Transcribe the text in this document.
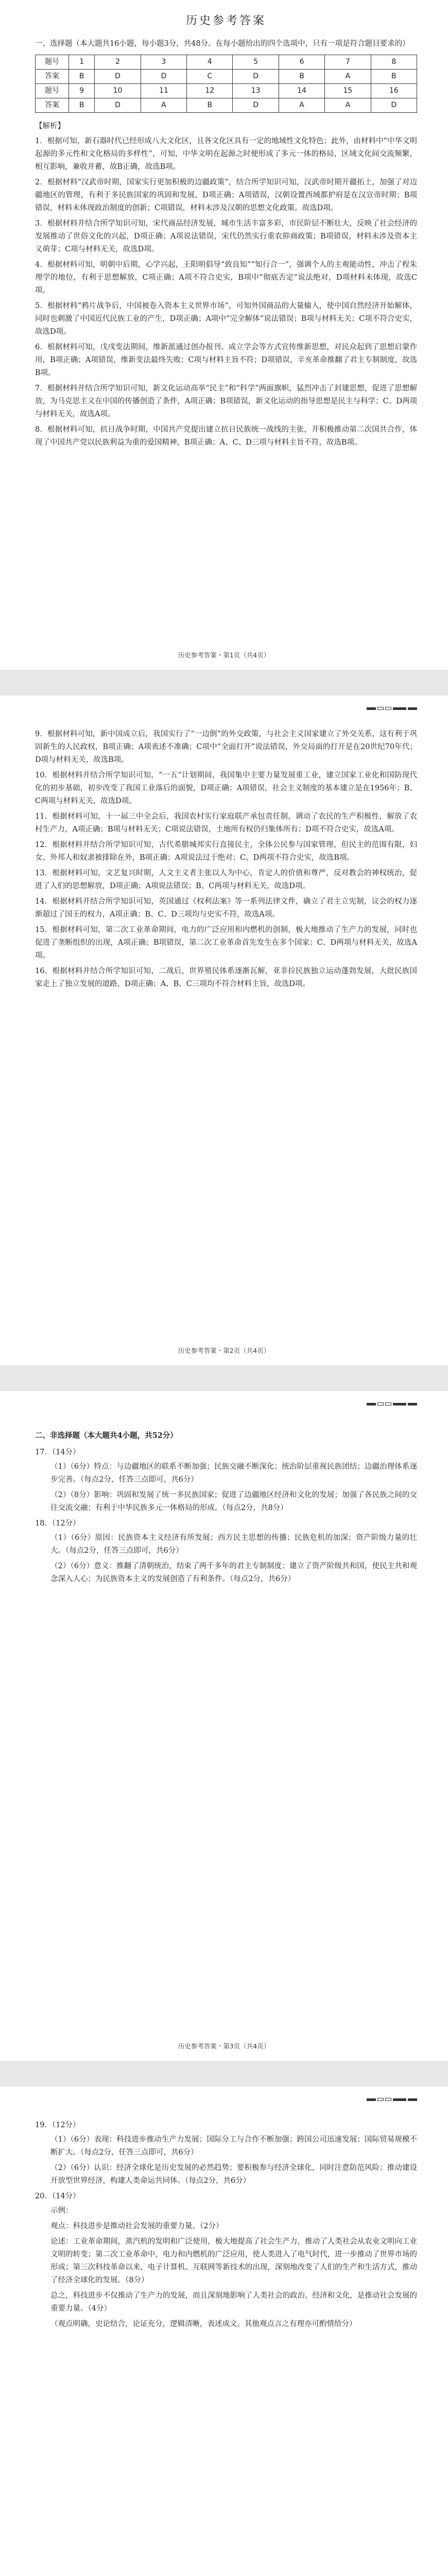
历史参考答案
一、选择题（本大题共16小题，每小题3分，共48分。在每小题给出的四个选项中，只有一项是符合题目要求的）
题号	1	2	3	4	5	6	7	8
答案	B	D	D	C	D	B	A	B
题号	9	10	11	12	13	14	15	16
答案	B	D	A	B	D	A	A	D
【解析】
1．根据可知，新石器时代已经形成八大文化区，且各文化区具有一定的地域性文化特色；此外，由材料中“中华文明起源的多元性和文化格局的多样性”，可知，中华文明在起源之时便形成了多元一体的格局，区域文化间交流频繁，相互影响，兼收并蓄，故B正确，故选B项。
2．根据材料“汉武帝时期，国家实行更加积极的边疆政策”，结合所学知识可知，汉武帝时期开疆拓土，加强了对边疆地区的管理，有利于多民族国家的巩固和发展，D项正确；A项错误，汉朝设置西域都护府是在汉宣帝时期；B项错误，材料未体现政治制度的创新；C项错误，材料未涉及汉朝的思想文化政策。故选D项。
3．根据材料并结合所学知识可知，宋代商品经济发展，城市生活丰富多彩，市民阶层不断壮大，反映了社会经济的发展推动了世俗文化的兴起，D项正确；A项说法错误，宋代仍然实行重农抑商政策；B项错误，材料未涉及资本主义萌芽；C项与材料无关，故选D项。
4．根据材料可知，明朝中后期，心学兴起，王阳明倡导“致良知”“知行合一”，强调个人的主观能动性，冲击了程朱理学的地位，有利于思想解放，C项正确；A项不符合史实，B项中“彻底否定”说法绝对，D项材料未体现，故选C项。
5．根据材料“鸦片战争后，中国被卷入资本主义世界市场”，可知外国商品的大量输入，使中国自然经济开始解体，同时也刺激了中国近代民族工业的产生，D项正确；A项中“完全解体”说法错误；B项与材料无关；C项不符合史实，故选D项。
6．根据材料可知，戊戌变法期间，维新派通过创办报刊、成立学会等方式宣传维新思想，对民众起到了思想启蒙作用，B项正确；A项错误，维新变法最终失败；C项与材料主旨不符；D项错误，辛亥革命推翻了君主专制制度，故选B项。
7．根据材料并结合所学知识可知，新文化运动高举“民主”和“科学”两面旗帜，猛烈冲击了封建思想，促进了思想解放，为马克思主义在中国的传播创造了条件，A项正确；B项错误，新文化运动的指导思想是民主与科学；C、D两项与材料无关，故选A项。
8．根据材料可知，抗日战争时期，中国共产党提出建立抗日民族统一战线的主张，并积极推动第二次国共合作，体现了中国共产党以民族利益为重的爱国精神，B项正确；A、C、D三项与材料主旨不符，故选B项。
历史参考答案・第1页（共4页）
9．根据材料可知，新中国成立后，我国实行了“一边倒”的外交政策，与社会主义国家建立了外交关系，这有利于巩固新生的人民政权，B项正确；A项表述不准确；C项中“全面打开”说法错误，外交局面的打开是在20世纪70年代；D项与材料无关，故选B项。
10．根据材料并结合所学知识可知，“一五”计划期间，我国集中主要力量发展重工业，建立国家工业化和国防现代化的初步基础，初步改变了我国工业落后的面貌，D项正确；A项错误，社会主义制度的基本建立是在1956年；B、C两项与材料无关，故选D项。
11．根据材料可知，十一届三中全会后，我国农村实行家庭联产承包责任制，调动了农民的生产积极性，解放了农村生产力，A项正确；B项与材料无关；C项说法错误，土地所有权仍归集体所有；D项不符合史实，故选A项。
12．根据材料并结合所学知识可知，古代希腊城邦实行直接民主，全体公民参与国家管理，但民主的范围有限，妇女、外邦人和奴隶被排除在外，B项正确；A项说法过于绝对；C、D两项不符合史实，故选B项。
13．根据材料可知，文艺复兴时期，人文主义者主张以人为中心，肯定人的价值和尊严，反对教会的神权统治，促进了人们的思想解放，D项正确；A项说法错误；B、C两项与材料无关，故选D项。
14．根据材料并结合所学知识可知，英国通过《权利法案》等一系列法律文件，确立了君主立宪制，议会的权力逐渐超过了国王的权力，A项正确；B、C、D三项均与史实不符，故选A项。
15．根据材料可知，第二次工业革命期间，电力的广泛应用和内燃机的创制，极大地推动了生产力的发展，同时也促进了垄断组织的出现，A项正确；B项错误，第二次工业革命首先发生在多个国家；C、D两项与材料无关，故选A项。
16．根据材料并结合所学知识可知，二战后，世界殖民体系逐渐瓦解，亚非拉民族独立运动蓬勃发展，大批民族国家走上了独立发展的道路，D项正确；A、B、C三项均不符合材料主旨，故选D项。
历史参考答案・第2页（共4页）
二、非选择题（本大题共4小题，共52分）
17．（14分）
（1）（6分）特点：与边疆地区的联系不断加强；民族交融不断深化；统治阶层重视民族团结；边疆治理体系逐步完善。（每点2分，任答三点即可，共6分）
（2）（8分）影响：巩固和发展了统一多民族国家；促进了边疆地区经济和文化的发展；加强了各民族之间的交往交流交融；有利于中华民族多元一体格局的形成。（每点2分，共8分）
18．（12分）
（1）（6分）原因：民族资本主义经济有所发展；西方民主思想的传播；民族危机的加深；资产阶级力量的壮大。（每点2分，任答三点即可，共6分）
（2）（6分）意义：推翻了清朝统治，结束了两千多年的君主专制制度；建立了资产阶级共和国，使民主共和观念深入人心；为民族资本主义的发展创造了有利条件。（每点2分，共6分）
历史参考答案・第3页（共4页）
19．（12分）
（1）（6分）表现：科技进步推动生产力发展；国际分工与合作不断加强；跨国公司迅速发展；国际贸易规模不断扩大。（每点2分，任答三点即可，共6分）
（2）（6分）认识：经济全球化是历史发展的必然趋势；要积极参与经济全球化，同时注意防范风险；推动建设开放型世界经济，构建人类命运共同体。（每点2分，共6分）
20．（14分）
示例：
观点：科技进步是推动社会发展的重要力量。（2分）
论述：工业革命期间，蒸汽机的发明和广泛使用，极大地提高了社会生产力，推动了人类社会从农业文明向工业文明的转变；第二次工业革命中，电力和内燃机的广泛应用，使人类进入了电气时代，进一步推动了世界市场的形成；第三次科技革命以来，电子计算机、互联网等新技术的出现，深刻地改变了人们的生产和生活方式，推动了经济全球化的发展。（8分）
总之，科技进步不仅推动了生产力的发展，而且深刻地影响了人类社会的政治、经济和文化，是推动社会发展的重要力量。（4分）
（观点明确，史论结合，论证充分，逻辑清晰，表述成文。其他观点言之有理亦可酌情给分）
